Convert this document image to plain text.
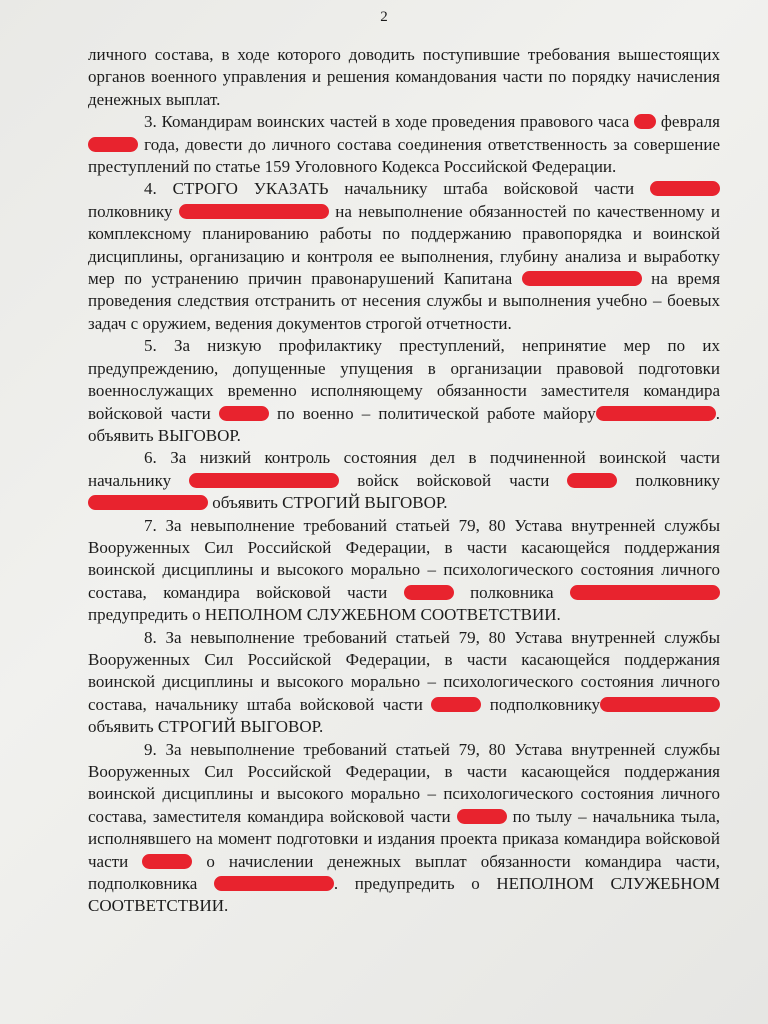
2

личного состава, в ходе которого доводить поступившие требования вышестоящих органов военного управления и решения командования части по порядку начисления денежных выплат.

3. Командирам воинских частей в ходе проведения правового часа  февраля года, довести до личного состава соединения ответственность за совершение преступлений по статье 159 Уголовного Кодекса Российской Федерации.

4. СТРОГО УКАЗАТЬ начальнику штаба войсковой части  полковнику	на невыполнение обязанностей по качественному и комплексному планированию работы по поддержанию правопорядка и воинской дисциплины, организацию и контроля ее выполнения, глубину анализа и выработку мер по устранению причин правонарушений Капитана	на время проведения следствия отстранить от несения службы и выполнения учебно – боевых задач с оружием, ведения документов строгой отчетности.

5. За низкую профилактику преступлений, непринятие мер по их предупреждению, допущенные упущения в организации правовой подготовки военнослужащих временно исполняющему обязанности заместителя командира войсковой части	по военно – политической работе майору	. объявить ВЫГОВОР.

6. За низкий контроль состояния дел в подчиненной воинской части начальнику	войск войсковой части	полковнику  объявить СТРОГИЙ ВЫГОВОР.

7. За невыполнение требований статьей 79, 80 Устава внутренней службы Вооруженных Сил Российской Федерации, в части касающейся поддержания воинской дисциплины и высокого морально – психологического состояния личного состава, командира войсковой части	полковника  предупредить о НЕПОЛНОМ СЛУЖЕБНОМ СООТВЕТСТВИИ.

8. За невыполнение требований статьей 79, 80 Устава внутренней службы Вооруженных Сил Российской Федерации, в части касающейся поддержания воинской дисциплины и высокого морально – психологического состояния личного состава, начальнику штаба войсковой части	подполковнику объявить СТРОГИЙ ВЫГОВОР.

9. За невыполнение требований статьей 79, 80 Устава внутренней службы Вооруженных Сил Российской Федерации, в части касающейся поддержания воинской дисциплины и высокого морально – психологического состояния личного состава, заместителя командира войсковой части	по тылу – начальника тыла, исполнявшего на момент подготовки и издания проекта приказа командира войсковой части	о начислении денежных выплат обязанности командира части, подполковника	. предупредить о НЕПОЛНОМ СЛУЖЕБНОМ СООТВЕТСТВИИ.
